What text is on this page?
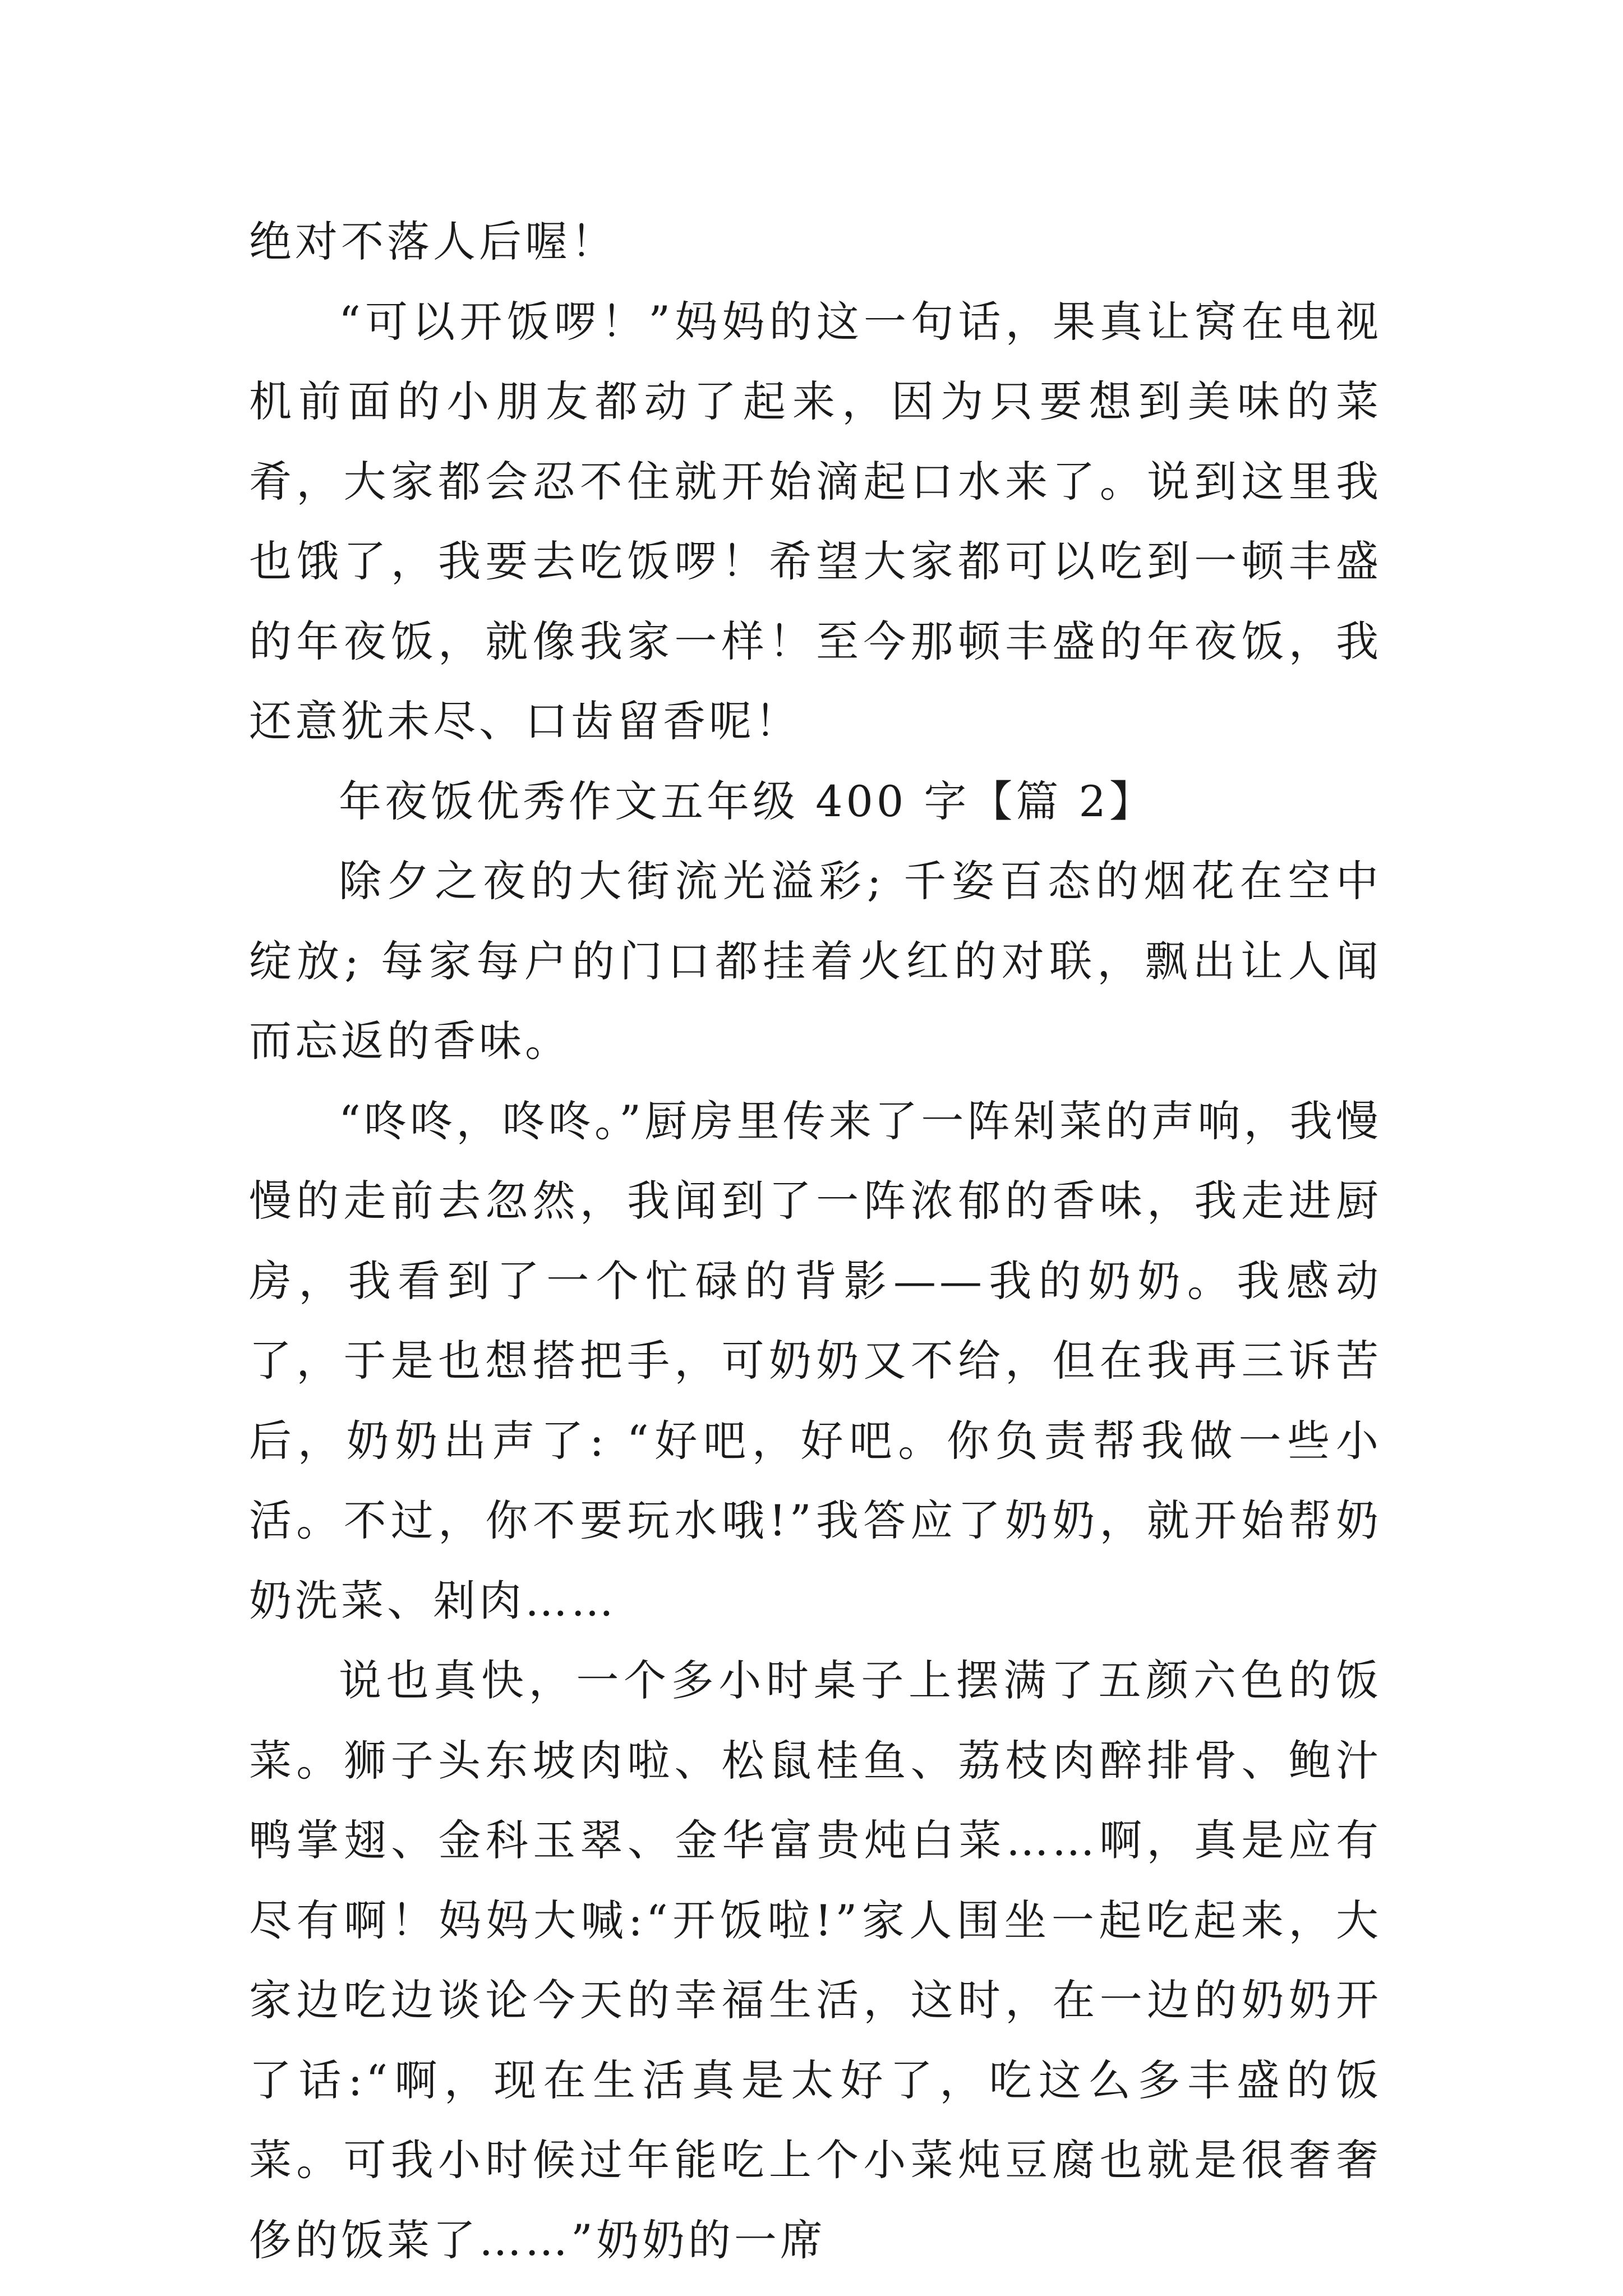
绝对不落人后喔！

“可以开饭啰！”妈妈的这一句话，果真让窝在电视机前面的小朋友都动了起来，因为只要想到美味的菜肴，大家都会忍不住就开始滴起口水来了。说到这里我也饿了，我要去吃饭啰！希望大家都可以吃到一顿丰盛的年夜饭，就像我家一样！至今那顿丰盛的年夜饭，我 还意犹未尽、口齿留香呢！

年夜饭优秀作文五年级 400 字【篇 2】

除夕之夜的大街流光溢彩; 千姿百态的烟花在空中绽放; 每家每户的门口都挂着火红的对联，飘出让人闻而忘返的香味。

“咚咚，咚咚。”厨房里传来了一阵剁菜的声响，我慢慢的走前去忽然，我闻到了一阵浓郁的香味，我走进厨房，我看到了一个忙碌的背影——我的奶奶。我感动了，于是也想搭把手，可奶奶又不给，但在我再三诉苦后，奶奶出声了: “好吧，好吧。你负责帮我做一些小活。不过，你不要玩水哦!”我答应了奶奶，就开始帮奶奶洗菜、剁肉……

说也真快，一个多小时桌子上摆满了五颜六色的饭菜。狮子头东坡肉啦、松鼠桂鱼、荔枝肉醉排骨、鲍汁鸭掌翅、金科玉翠、金华富贵炖白菜……啊，真是应有尽有啊！妈妈大喊:“开饭啦!”家人围坐一起吃起来，大家边吃边谈论今天的幸福生活，这时，在一边的奶奶开了话:“啊，现在生活真是太好了，吃这么多丰盛的饭菜。可我小时候过年能吃上个小菜炖豆腐也就是很奢奢侈的饭菜了……”奶奶的一席
